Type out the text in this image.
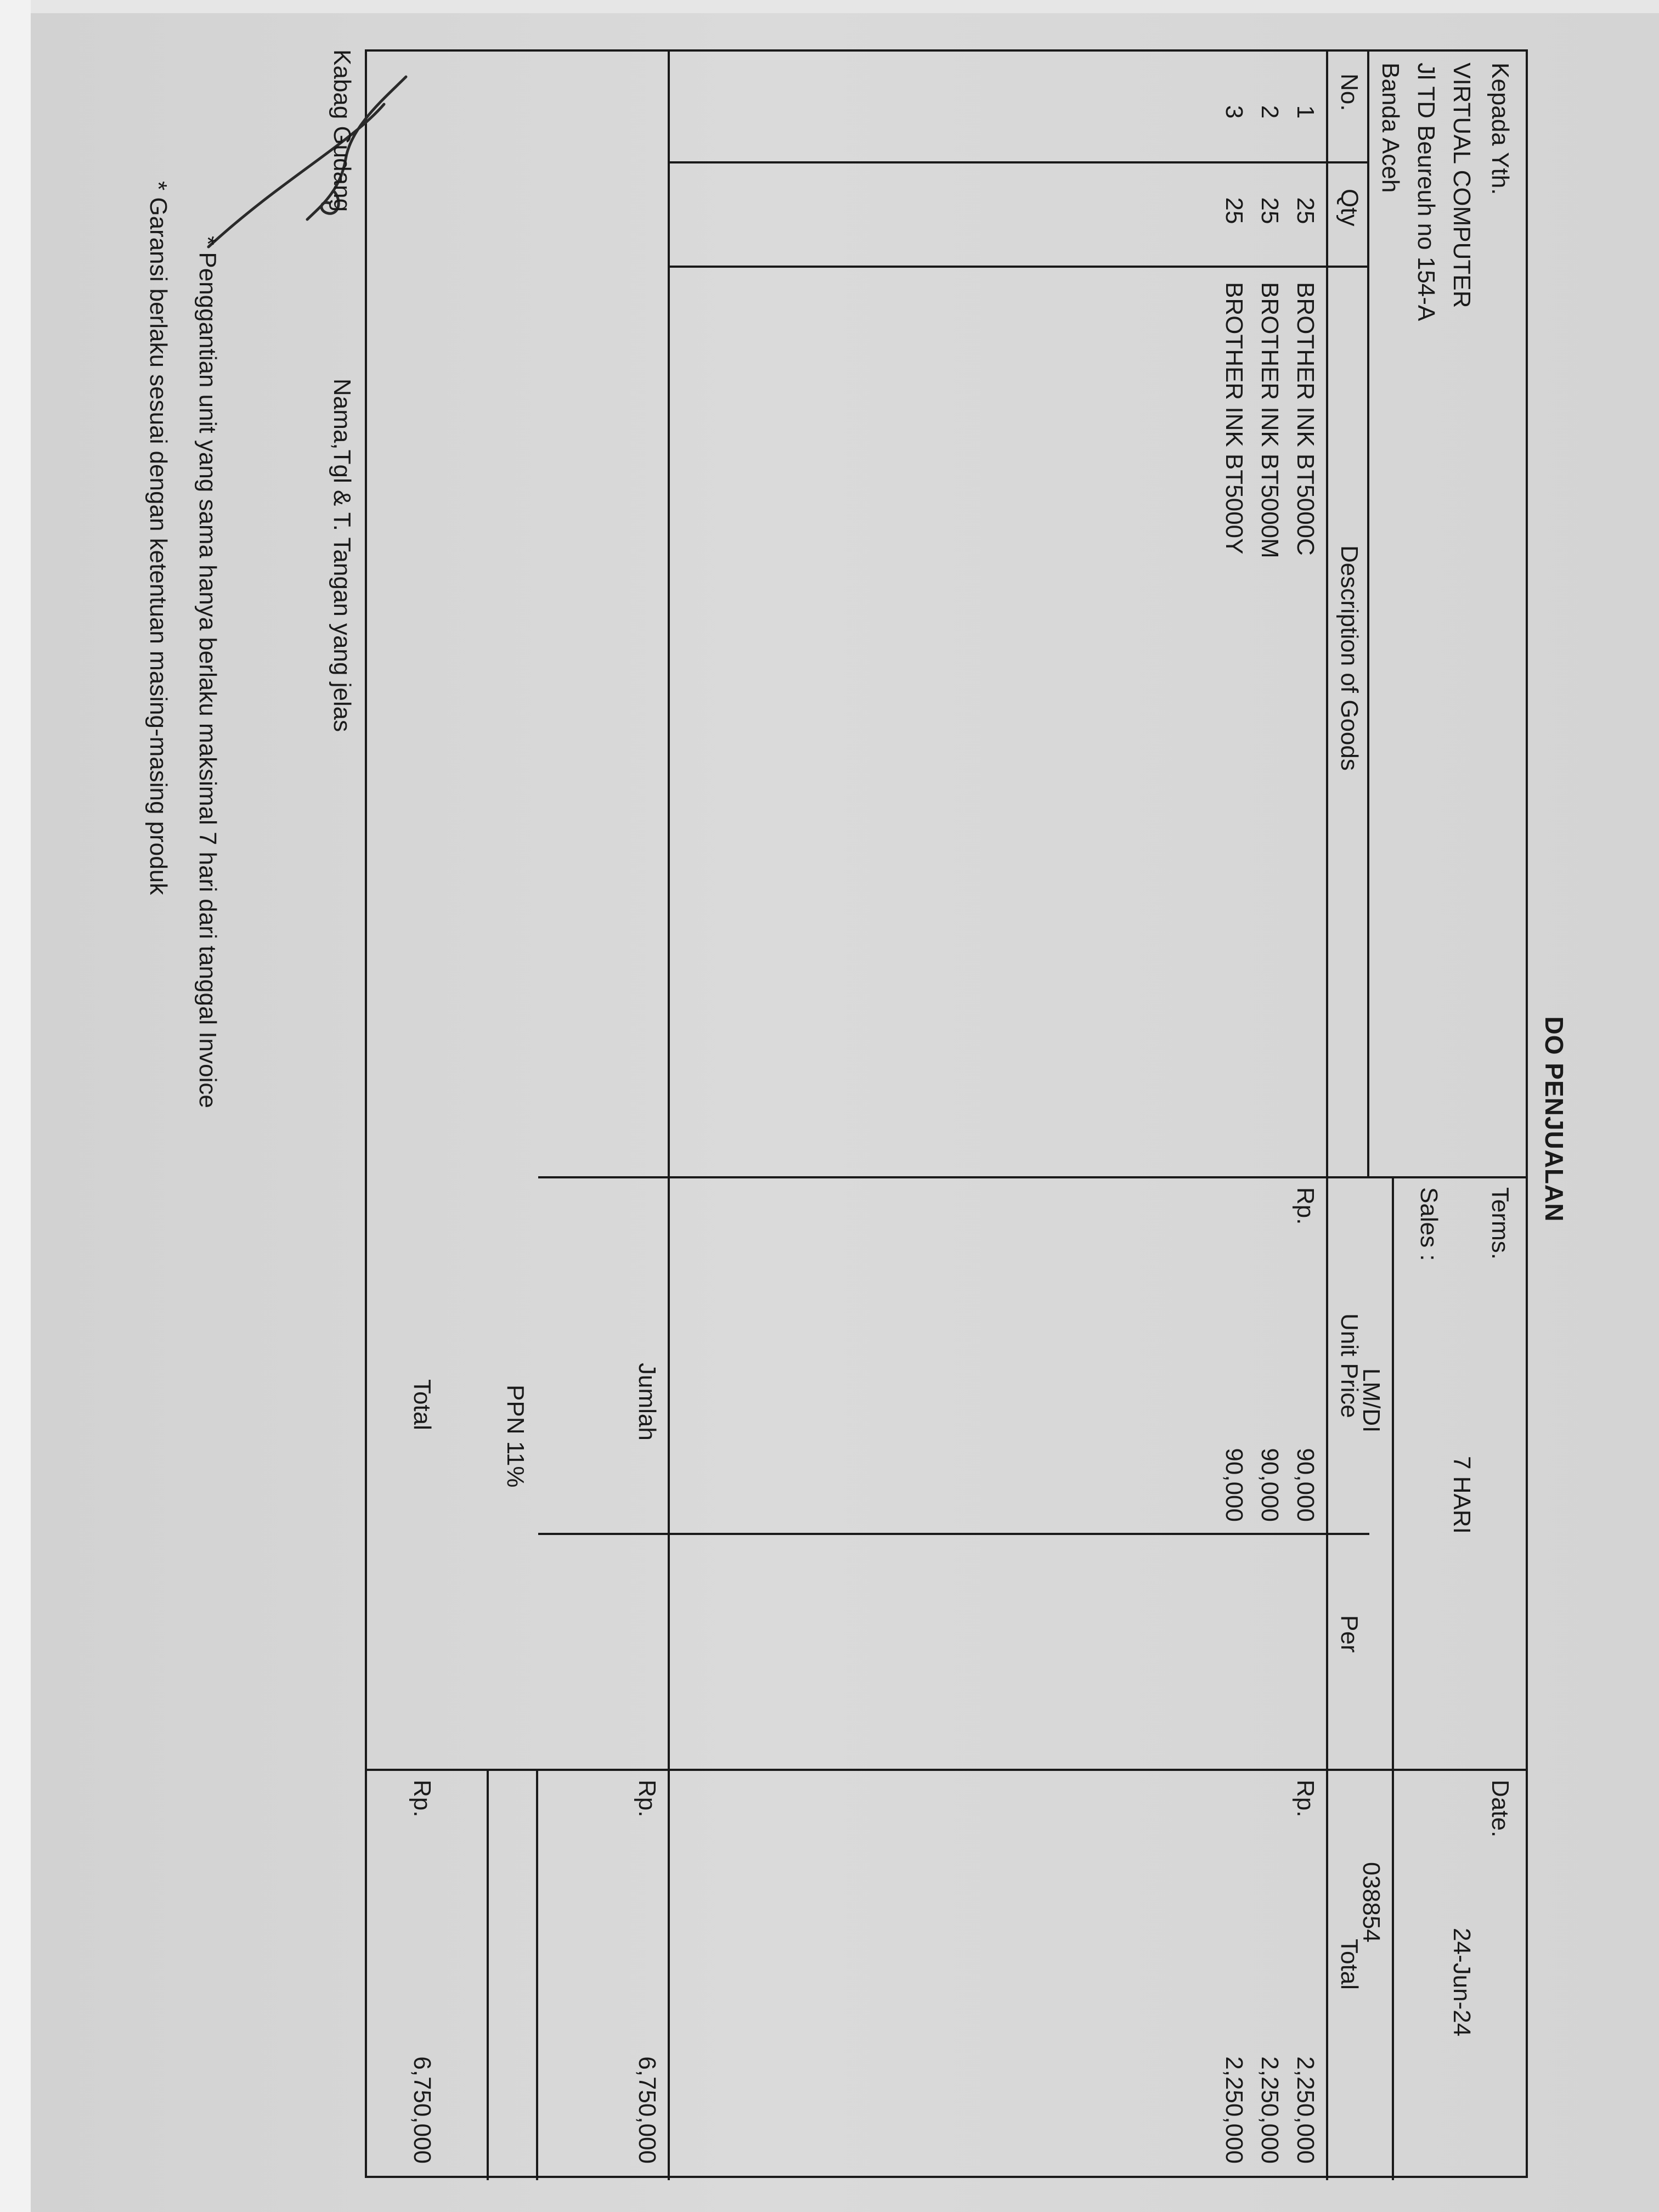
DO PENJUALAN
Kepada Yth.
VIRTUAL COMPUTER
Jl TD Beureuh no 154-A
Banda Aceh
Terms.
7 HARI
Sales :
LM/DI
Date.
24-Jun-24
038854
No.
Qty
Description of Goods
Unit Price
Per
Total
1
25
BROTHER INK BT5000C
Rp.
90,000
Rp.
2,250,000
2
25
BROTHER INK BT5000M
90,000
2,250,000
3
25
BROTHER INK BT5000Y
90,000
2,250,000
Jumlah
Rp.
6,750,000
PPN 11%
Total
Rp.
6,750,000
Kabag Gudang
Nama,Tgl & T. Tangan yang jelas
* Penggantian unit yang sama hanya berlaku maksimal 7 hari dari tanggal Invoice
* Garansi berlaku sesuai dengan ketentuan masing-masing produk
